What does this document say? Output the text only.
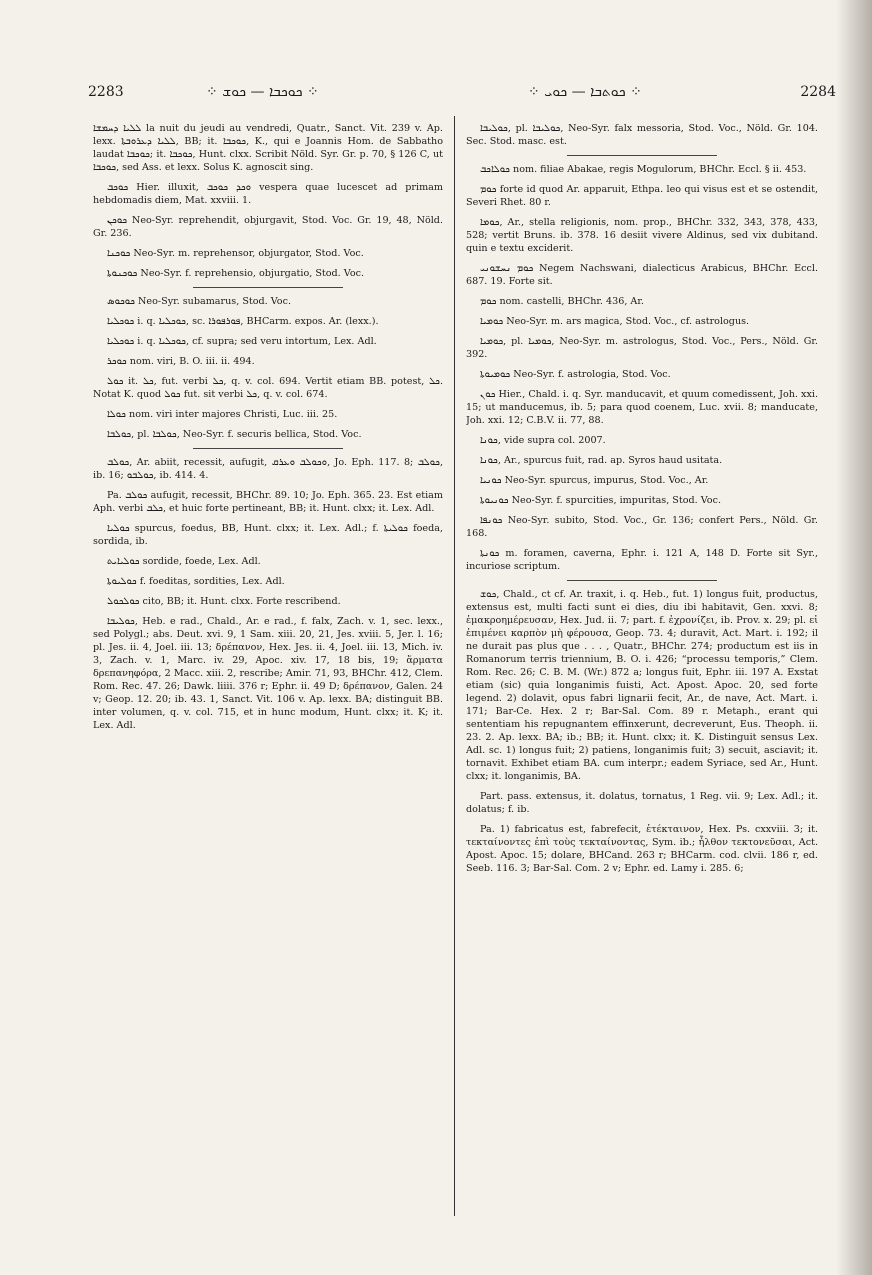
2283	⁘ ܟܘܟܒܐ — ܟܘܫ ⁘	⁘ ܟܘܬܒܐ — ܟܘܝ ⁘	2284

ܠܠܝܐ ܕܚܡܫܐ la nuit du jeudi au vendredi, Quatr., Sanct. Vit. 239 v. Ap. lexx. ܠܠܝܐ ܕܥܪܘܒܬܐ, BB; it. ܟܘܟܒܐ, K., qui e Joannis Hom. de Sabbatho laudat ܟܘܟܒܐ; it. ܟܘܟܒܐ, Hunt. clxx. Scribit Nöld. Syr. Gr. p. 70, § 126 C, ut ܟܘܟܒܐ, sed Ass. et lexx. Solus K. agnoscit sing.

ܟܘܟܒ Hier. illuxit, ܘܟܕ ܟܘܟܒ vespera quae lucescet ad primam hebdomadis diem, Mat. xxviii. 1.

ܟܘܟܢ Neo-Syr. reprehendit, objurgavit, Stod. Voc. Gr. 19, 48, Nöld. Gr. 236.

ܟܘܟܢܐ Neo-Syr. m. reprehensor, objurgator, Stod. Voc.

ܟܘܟܢܘܬܐ Neo-Syr. f. reprehensio, objurgatio, Stod. Voc.

ܟܘܟܘܣ Neo-Syr. subamarus, Stod. Voc.

ܟܘܟܠܝܐ i. q. ܟܘܟܠܝܐ, sc. ܦܘܪܦܘܪܐ, BHCarm. expos. Ar. (lexx.).

ܟܘܟܠܝܐ i. q. ܟܘܟܠܝܐ, cf. supra; sed veru intortum, Lex. Adl.

ܟܘܟܪ nom. viri, B. O. iii. ii. 494.

ܟܘܠ it. ܟܠ, fut. verbi ܟܠ, q. v. col. 694. Vertit etiam BB. potest, ܟܠ. Notat K. quod ܟܘܠ fut. sit verbi ܟܠ, q. v. col. 674.

ܟܘܠܐ nom. viri inter majores Christi, Luc. iii. 25.

ܟܘܠܒܐ, pl. ܟܘܠܒܐ, Neo-Syr. f. securis bellica, Stod. Voc.

ܟܘܠܒ, Ar. abiit, recessit, aufugit, ܘܟܘܠܒ ܘܥܪܩ, Jo. Eph. 117. 8; ܟܘܠܒ, ib. 16; ܟܘܠܒܘ, ib. 414. 4.

Pa. ܟܘܠܒ aufugit, recessit, BHChr. 89. 10; Jo. Eph. 365. 23. Est etiam Aph. verbi ܟܠܒ, et huic forte pertineant, BB; it. Hunt. clxx; it. Lex. Adl.

ܟܘܠܝܐ spurcus, foedus, BB, Hunt. clxx; it. Lex. Adl.; f. ܟܘܠܝܬܐ foeda, sordida, ib.

ܟܘܠܝܐܝܬ sordide, foede, Lex. Adl.

ܟܘܠܝܘܬܐ f. foeditas, sordities, Lex. Adl.

ܟܘܠܟܘܠ cito, BB; it. Hunt. clxx. Forte rescribend.

ܟܘܠܝܒܐ, Heb. e rad., Chald., Ar. e rad., f. falx, Zach. v. 1, sec. lexx., sed Polygl.; abs. Deut. xvi. 9, 1 Sam. xiii. 20, 21, Jes. xviii. 5, Jer. l. 16; pl. Jes. ii. 4, Joel. iii. 13; δρέπανον, Hex. Jes. ii. 4, Joel. iii. 13, Mich. iv. 3, Zach. v. 1, Marc. iv. 29, Apoc. xiv. 17, 18 bis, 19; ἅρματα δρεπανηφόρα, 2 Macc. xiii. 2, rescribe; Amir. 71, 93, BHChr. 412, Clem. Rom. Rec. 47. 26; Dawk. liiii. 376 r; Ephr. ii. 49 D; δρέπανον, Galen. 24 v; Geop. 12. 20; ib. 43. 1, Sanct. Vit. 106 v. Ap. lexx. BA; distinguit BB. inter volumen, q. v. col. 715, et in hunc modum, Hunt. clxx; it. K; it. Lex. Adl.

ܟܘܠܝܒܐ, pl. ܟܘܠܝܒܐ, Neo-Syr. falx messoria, Stod. Voc., Nöld. Gr. 104. Sec. Stod. masc. est.

ܟܘܠܐܟܒ nom. filiae Abakae, regis Mogulorum, BHChr. Eccl. § ii. 453.

ܟܘܡ forte id quod Ar. apparuit, Ethpa. leo qui visus est et se ostendit, Severi Rhet. 80 r.

ܟܘܡܐ, Ar., stella religionis, nom. prop., BHChr. 332, 343, 378, 433, 528; vertit Bruns. ib. 378. 16 desiit vivere Aldinus, sed vix dubitand. quin e textu exciderit.

ܟܘܡ ܢܚܫܘܢܝ Negem Nachswani, dialecticus Arabicus, BHChr. Eccl. 687. 19. Forte sit.

ܟܘܡ nom. castelli, BHChr. 436, Ar.

ܟܘܡܝܐ Neo-Syr. m. ars magica, Stod. Voc., cf. astrologus.

ܟܘܡܝܐ, pl. ܟܘܡܝܐ, Neo-Syr. m. astrologus, Stod. Voc., Pers., Nöld. Gr. 392.

ܟܘܡܝܘܬܐ Neo-Syr. f. astrologia, Stod. Voc.

ܟܘܢ Hier., Chald. i. q. Syr. manducavit, et quum comedissent, Joh. xxi. 15; ut manducemus, ib. 5; para quod coenem, Luc. xvii. 8; manducate, Joh. xxi. 12; C.B.V. ii. 77, 88.

ܟܘܢܐ, vide supra col. 2007.

ܟܘܢܐ, Ar., spurcus fuit, rad. ap. Syros haud usitata.

ܟܘܢܝܐ Neo-Syr. spurcus, impurus, Stod. Voc., Ar.

ܟܘܢܝܘܬܐ Neo-Syr. f. spurcities, impuritas, Stod. Voc.

ܟܘܢܦܐ Neo-Syr. subito, Stod. Voc., Gr. 136; confert Pers., Nöld. Gr. 168.

ܟܘܢܬܐ m. foramen, caverna, Ephr. i. 121 A, 148 D. Forte sit Syr., incuriose scriptum.

ܟܘܫ, Chald., ct cf. Ar. traxit, i. q. Heb., fut. 1) longus fuit, productus, extensus est, multi facti sunt ei dies, diu ibi habitavit, Gen. xxvi. 8; ἐμακροημέρευσαν, Hex. Jud. ii. 7; part. f. ἐχρονίζει, ib. Prov. x. 29; pl. εἰ ἐπιμένει καρπὸν μὴ φέρουσα, Geop. 73. 4; duravit, Act. Mart. i. 192; il ne durait pas plus que . . . , Quatr., BHChr. 274; productum est iis in Romanorum terris triennium, B. O. i. 426; “processu temporis,” Clem. Rom. Rec. 26; C. B. M. (Wr.) 872 a; longus fuit, Ephr. iii. 197 A. Exstat etiam (sic) quia longanimis fuisti, Act. Apost. Apoc. 20, sed forte legend. 2) dolavit, opus fabri lignarii fecit, Ar., de nave, Act. Mart. i. 171; Bar-Ce. Hex. 2 r; Bar-Sal. Com. 89 r. Metaph., erant qui sententiam his repugnantem effinxerunt, decreverunt, Eus. Theoph. ii. 23. 2. Ap. lexx. BA; ib.; BB; it. Hunt. clxx; it. K. Distinguit sensus Lex. Adl. sc. 1) longus fuit; 2) patiens, longanimis fuit; 3) secuit, asciavit; it. tornavit. Exhibet etiam BA. cum interpr.; eadem Syriace, sed Ar., Hunt. clxx; it. longanimis, BA.

Part. pass. extensus, it. dolatus, tornatus, 1 Reg. vii. 9; Lex. Adl.; it. dolatus; f. ib.

Pa. 1) fabricatus est, fabrefecit, ἐτέκταινον, Hex. Ps. cxxviii. 3; it. τεκταίνοντες ἐπὶ τοὺς τεκταίνοντας, Sym. ib.; ἦλθον τεκτονεῦσαι, Act. Apost. Apoc. 15; dolare, BHCand. 263 r; BHCarm. cod. clvii. 186 r, ed. Seeb. 116. 3; Bar-Sal. Com. 2 v; Ephr. ed. Lamy i. 285. 6;
